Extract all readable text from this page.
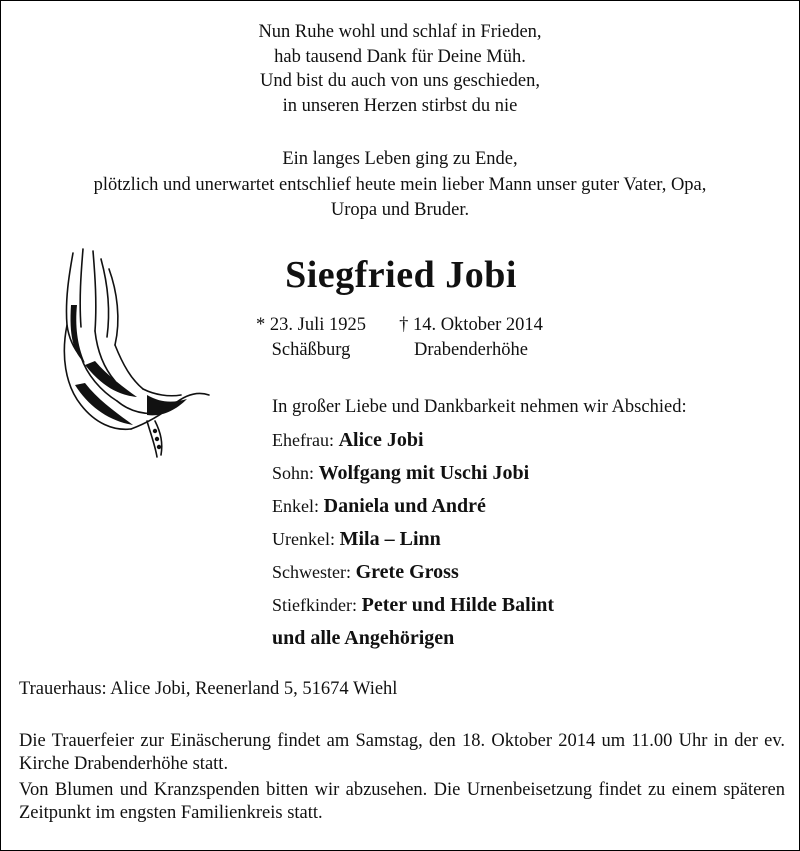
Nun Ruhe wohl und schlaf in Frieden,
hab tausend Dank für Deine Müh.
Und bist du auch von uns geschieden,
in unseren Herzen stirbst du nie
Ein langes Leben ging zu Ende,
plötzlich und unerwartet entschlief heute mein lieber Mann unser guter Vater, Opa,
Uropa und Bruder.
Siegfried Jobi
* 23. Juli 1925	† 14. Oktober 2014
Schäßburg	Drabenderhöhe
In großer Liebe und Dankbarkeit nehmen wir Abschied:
Ehefrau: Alice Jobi
Sohn: Wolfgang mit Uschi Jobi
Enkel: Daniela und André
Urenkel: Mila – Linn
Schwester: Grete Gross
Stiefkinder: Peter und Hilde Balint
und alle Angehörigen
Trauerhaus: Alice Jobi, Reenerland 5, 51674 Wiehl

Die Trauerfeier zur Einäscherung findet am Samstag, den 18. Oktober 2014 um 11.00 Uhr in der ev. Kirche Drabenderhöhe statt.

Von Blumen und Kranzspenden bitten wir abzusehen. Die Urnenbeisetzung findet zu einem späteren Zeitpunkt im engsten Familienkreis statt.
